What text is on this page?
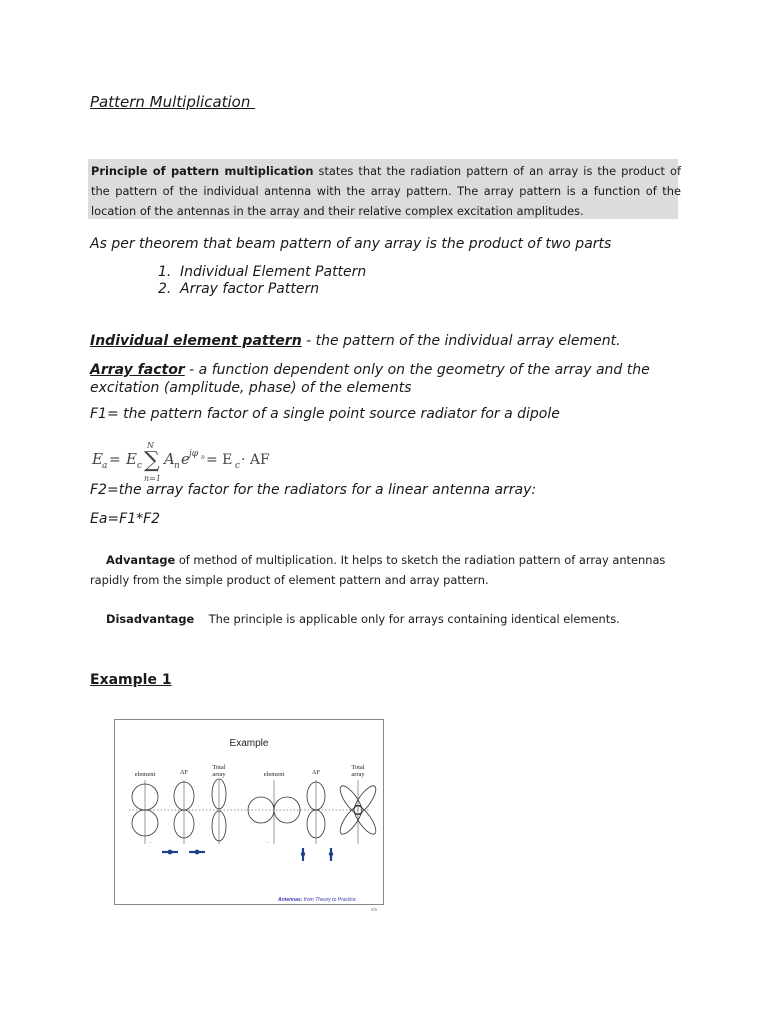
Pattern Multiplication
Principle of pattern multiplication states that the radiation pattern of an array is the product of the pattern of the individual antenna with the array pattern. The array pattern is a function of the location of the antennas in the array and their relative complex excitation amplitudes.
As per theorem that beam pattern of any array is the product of two parts
1. Individual Element Pattern
2. Array factor Pattern
Individual element pattern - the pattern of the individual array element.
Array factor - a function dependent only on the geometry of the array and the
excitation (amplitude, phase) of the elements
F1= the pattern factor of a single point source radiator for a dipole
E a = E c
N
∑
n=1
A n e jφ n = E c · AF
F2=the array factor for the radiators for a linear antenna array:
Ea=F1*F2
Advantage of method of multiplication. It helps to sketch the radiation pattern of array antennas
rapidly from the simple product of element pattern and array pattern.
Disadvantage The principle is applicable only for arrays containing identical elements.
Example 1
Example
element	AF
Total
array	element	AF
Total
array
~~	~~
Antennas: from Theory to Practice
5/5
